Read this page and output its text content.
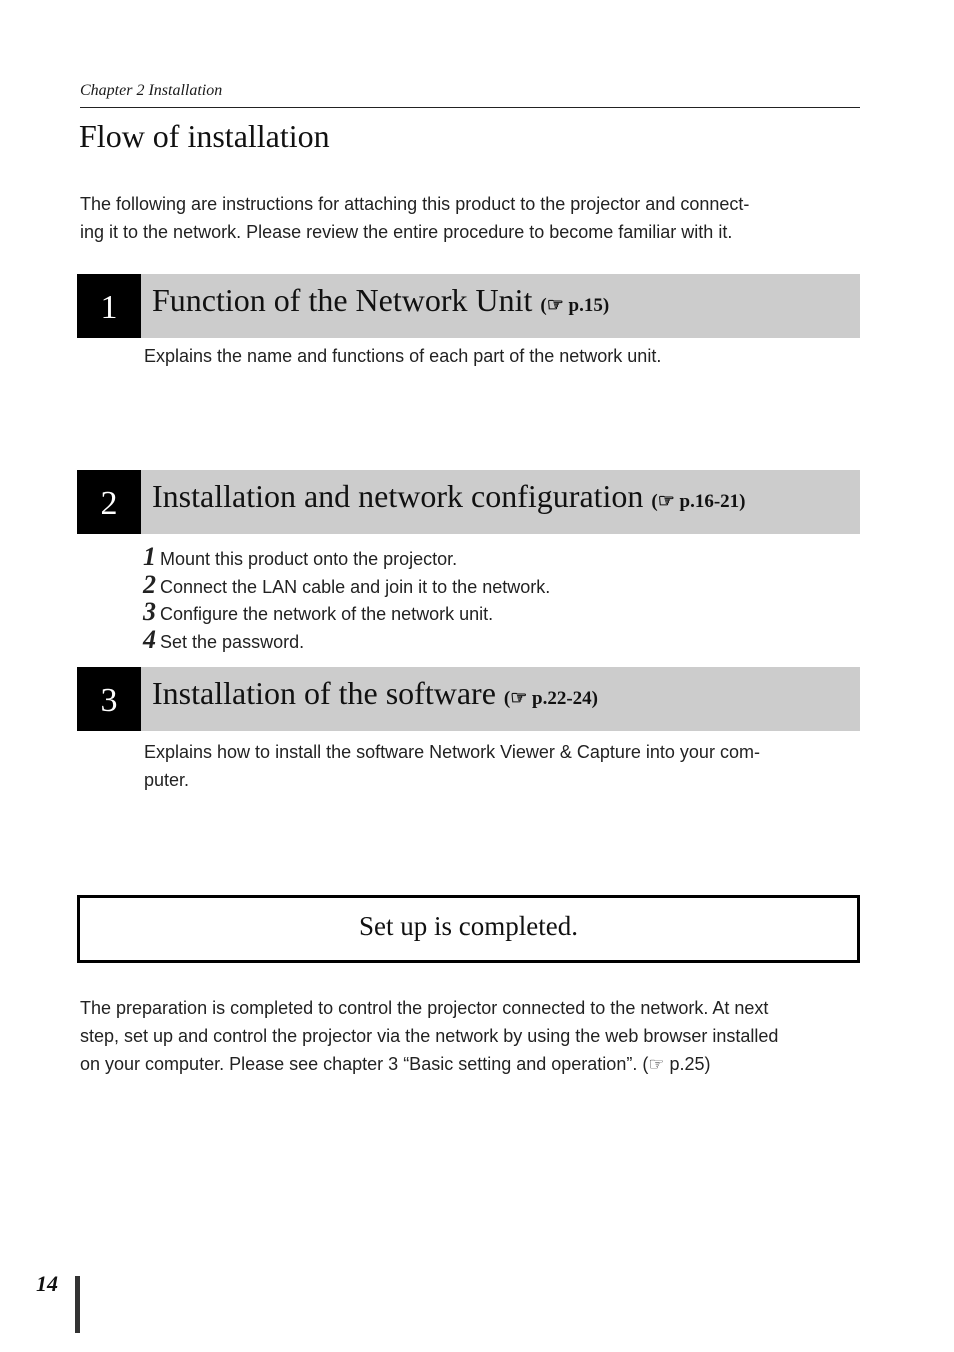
Chapter 2 Installation
Flow of installation
The following are instructions for attaching this product to the projector and connect-
ing it to the network. Please review the entire procedure to become familiar with it.
1	Function of the Network Unit (☞ p.15)
Explains the name and functions of each part of the network unit.
2	Installation and network configuration (☞ p.16-21)
1 Mount this product onto the projector.
2 Connect the LAN cable and join it to the network.
3 Configure the network of the network unit.
4 Set the password.
3	Installation of the software (☞ p.22-24)
Explains how to install the software Network Viewer & Capture into your com-
puter.
Set up is completed.
The preparation is completed to control the projector connected to the network. At next
step, set up and control the projector via the network by using the web browser installed
on your computer. Please see chapter 3 “Basic setting and operation”. (☞ p.25)
14
